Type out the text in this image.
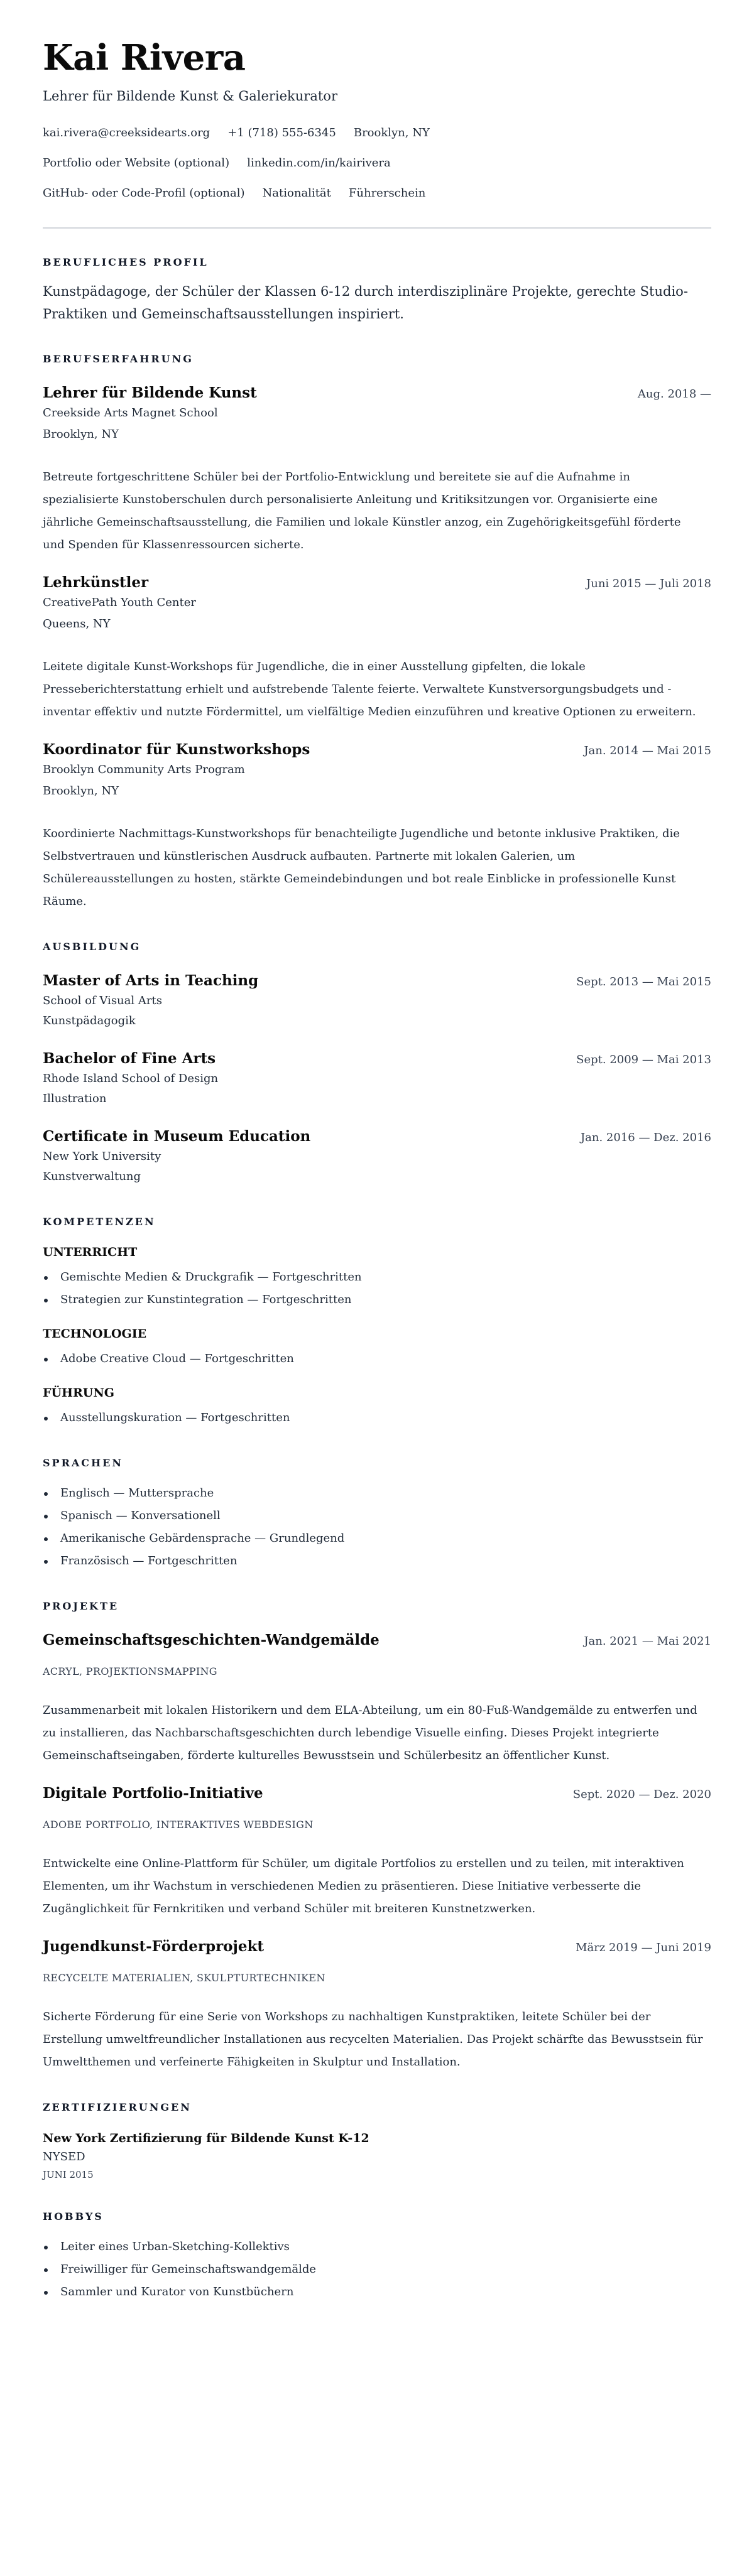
Kai Rivera
Lehrer für Bildende Kunst & Galeriekurator
kai.rivera@creeksidearts.org +1 (718) 555-6345 Brooklyn, NY
Portfolio oder Website (optional) linkedin.com/in/kairivera
GitHub- oder Code-Profil (optional) Nationalität Führerschein
BERUFLICHES PROFIL

Kunstpädagoge, der Schüler der Klassen 6-12 durch interdisziplinäre Projekte, gerechte Studio-Praktiken und Gemeinschaftsausstellungen inspiriert.

BERUFSERFAHRUNG
Lehrer für Bildende Kunst	Aug. 2018 —
Creekside Arts Magnet School
Brooklyn, NY

Betreute fortgeschrittene Schüler bei der Portfolio-Entwicklung und bereitete sie auf die Aufnahme in spezialisierte Kunstoberschulen durch personalisierte Anleitung und Kritiksitzungen vor. Organisierte eine jährliche Gemeinschaftsausstellung, die Familien und lokale Künstler anzog, ein Zugehörigkeitsgefühl förderte und Spenden für Klassenressourcen sicherte.

Lehrkünstler	Juni 2015 — Juli 2018
CreativePath Youth Center
Queens, NY

Leitete digitale Kunst-Workshops für Jugendliche, die in einer Ausstellung gipfelten, die lokale Presseberichterstattung erhielt und aufstrebende Talente feierte. Verwaltete Kunstversorgungsbudgets und -inventar effektiv und nutzte Fördermittel, um vielfältige Medien einzuführen und kreative Optionen zu erweitern.

Koordinator für Kunstworkshops	Jan. 2014 — Mai 2015
Brooklyn Community Arts Program
Brooklyn, NY

Koordinierte Nachmittags-Kunstworkshops für benachteiligte Jugendliche und betonte inklusive Praktiken, die Selbstvertrauen und künstlerischen Ausdruck aufbauten. Partnerte mit lokalen Galerien, um Schülereausstellungen zu hosten, stärkte Gemeindebindungen und bot reale Einblicke in professionelle Kunst Räume.

AUSBILDUNG
Master of Arts in Teaching	Sept. 2013 — Mai 2015
School of Visual Arts
Kunstpädagogik
Bachelor of Fine Arts	Sept. 2009 — Mai 2013
Rhode Island School of Design
Illustration
Certificate in Museum Education	Jan. 2016 — Dez. 2016
New York University
Kunstverwaltung
KOMPETENZEN
UNTERRICHT
Gemischte Medien & Druckgrafik — Fortgeschritten
Strategien zur Kunstintegration — Fortgeschritten
TECHNOLOGIE
Adobe Creative Cloud — Fortgeschritten
FÜHRUNG
Ausstellungskuration — Fortgeschritten
SPRACHEN
Englisch — Muttersprache
Spanisch — Konversationell
Amerikanische Gebärdensprache — Grundlegend
Französisch — Fortgeschritten
PROJEKTE
Gemeinschaftsgeschichten-Wandgemälde	Jan. 2021 — Mai 2021
ACRYL, PROJEKTIONSMAPPING

Zusammenarbeit mit lokalen Historikern und dem ELA-Abteilung, um ein 80-Fuß-Wandgemälde zu entwerfen und zu installieren, das Nachbarschaftsgeschichten durch lebendige Visuelle einfing. Dieses Projekt integrierte Gemeinschaftseingaben, förderte kulturelles Bewusstsein und Schülerbesitz an öffentlicher Kunst.

Digitale Portfolio-Initiative	Sept. 2020 — Dez. 2020
ADOBE PORTFOLIO, INTERAKTIVES WEBDESIGN

Entwickelte eine Online-Plattform für Schüler, um digitale Portfolios zu erstellen und zu teilen, mit interaktiven Elementen, um ihr Wachstum in verschiedenen Medien zu präsentieren. Diese Initiative verbesserte die Zugänglichkeit für Fernkritiken und verband Schüler mit breiteren Kunstnetzwerken.

Jugendkunst-Förderprojekt	März 2019 — Juni 2019
RECYCELTE MATERIALIEN, SKULPTURTECHNIKEN

Sicherte Förderung für eine Serie von Workshops zu nachhaltigen Kunstpraktiken, leitete Schüler bei der Erstellung umweltfreundlicher Installationen aus recycelten Materialien. Das Projekt schärfte das Bewusstsein für Umweltthemen und verfeinerte Fähigkeiten in Skulptur und Installation.

ZERTIFIZIERUNGEN
New York Zertifizierung für Bildende Kunst K-12
NYSED
JUNI 2015
HOBBYS
Leiter eines Urban-Sketching-Kollektivs
Freiwilliger für Gemeinschaftswandgemälde
Sammler und Kurator von Kunstbüchern
